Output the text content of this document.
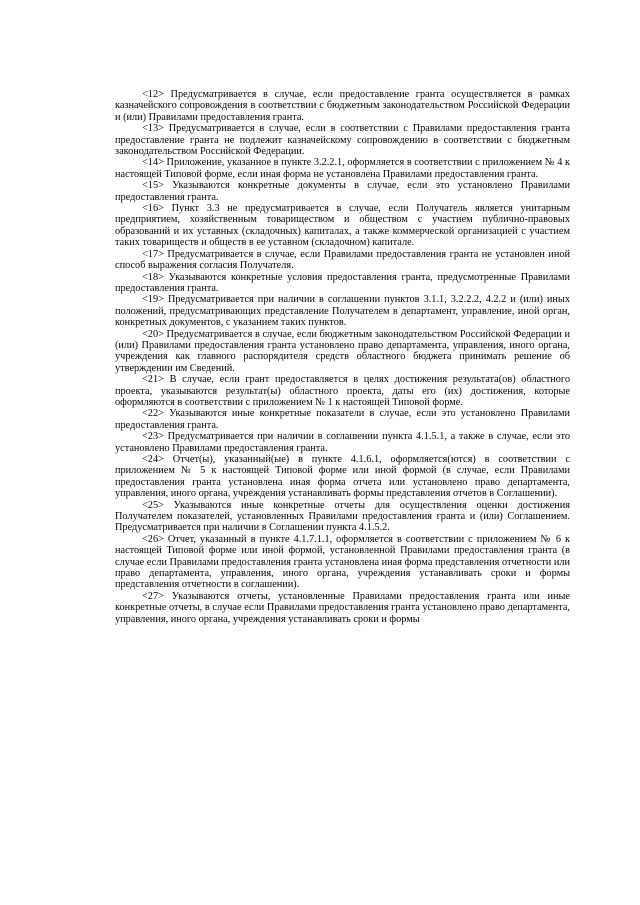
<12> Предусматривается в случае, если предоставление гранта осуществляется в рамках казначейского сопровождения в соответствии с бюджетным законодательством Российской Федерации и (или) Правилами предоставления гранта.

<13> Предусматривается в случае, если в соответствии с Правилами предоставления гранта предоставление гранта не подлежит казначейскому сопровождению в соответствии с бюджетным законодательством Российской Федерации.

<14> Приложение, указанное в пункте 3.2.2.1, оформляется в соответствии с приложением № 4 к настоящей Типовой форме, если иная форма не установлена Правилами предоставления гранта.

<15> Указываются конкретные документы в случае, если это установлено Правилами предоставления гранта.

<16> Пункт 3.3 не предусматривается в случае, если Получатель является унитарным предприятием, хозяйственным товариществом и обществом с участием публично-правовых образований и их уставных (складочных) капиталах, а также коммерческой организацией с участием таких товариществ и обществ в ее уставном (складочном) капитале.

<17> Предусматривается в случае, если Правилами предоставления гранта не установлен иной способ выражения согласия Получателя.

<18> Указываются конкретные условия предоставления гранта, предусмотренные Правилами предоставления гранта.

<19> Предусматривается при наличии в соглашении пунктов 3.1.1, 3.2.2.2, 4.2.2 и (или) иных положений, предусматривающих представление Получателем в департамент, управление, иной орган, конкретных документов, с указанием таких пунктов.

<20> Предусматривается в случае, если бюджетным законодательством Российской Федерации и (или) Правилами предоставления гранта установлено право департамента, управления, иного органа, учреждения как главного распорядителя средств областного бюджета принимать решение об утверждении им Сведений.

<21> В случае, если грант предоставляется в целях достижения результата(ов) областного проекта, указываются результат(ы) областного проекта, даты его (их) достижения, которые оформляются в соответствии с приложением № 1 к настоящей Типовой форме.

<22> Указываются иные конкретные показатели в случае, если это установлено Правилами предоставления гранта.

<23> Предусматривается при наличии в соглашении пункта 4.1.5.1, а также в случае, если это установлено Правилами предоставления гранта.

<24> Отчет(ы), указанный(ые) в пункте 4.1.6.1, оформляется(ются) в соответствии с приложением № 5 к настоящей Типовой форме или иной формой (в случае, если Правилами предоставления гранта установлена иная форма отчета или установлено право департамента, управления, иного органа, учреждения устанавливать формы представления отчетов в Соглашении).

<25> Указываются иные конкретные отчеты для осуществления оценки достижения Получателем показателей, установленных Правилами предоставления гранта и (или) Соглашением. Предусматривается при наличии в Соглашении пункта 4.1.5.2.

<26> Отчет, указанный в пункте 4.1.7.1.1, оформляется в соответствии с приложением № 6 к настоящей Типовой форме или иной формой, установленной Правилами предоставления гранта (в случае если Правилами предоставления гранта установлена иная форма представления отчетности или право департамента, управления, иного органа, учреждения устанавливать сроки и формы представления отчетности в соглашении).

<27> Указываются отчеты, установленные Правилами предоставления гранта или иные конкретные отчеты, в случае если Правилами предоставления гранта установлено право департамента, управления, иного органа, учреждения устанавливать сроки и формы
